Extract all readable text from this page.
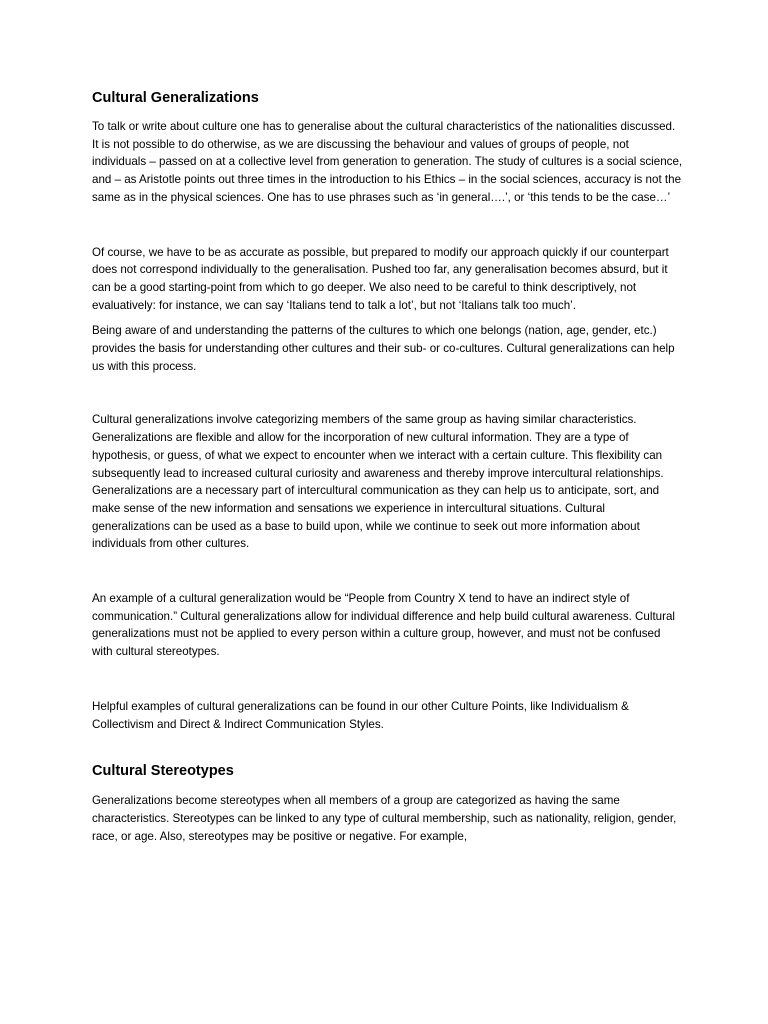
Cultural Generalizations

To talk or write about culture one has to generalise about the cultural characteristics of the nationalities discussed. It is not possible to do otherwise, as we are discussing the behaviour and values of groups of people, not individuals – passed on at a collective level from generation to generation. The study of cultures is a social science, and – as Aristotle points out three times in the introduction to his Ethics – in the social sciences, accuracy is not the same as in the physical sciences. One has to use phrases such as ‘in general….’, or ‘this tends to be the case…’

Of course, we have to be as accurate as possible, but prepared to modify our approach quickly if our counterpart does not correspond individually to the generalisation. Pushed too far, any generalisation becomes absurd, but it can be a good starting-point from which to go deeper. We also need to be careful to think descriptively, not evaluatively: for instance, we can say ‘Italians tend to talk a lot’, but not ‘Italians talk too much’.

Being aware of and understanding the patterns of the cultures to which one belongs (nation, age, gender, etc.) provides the basis for understanding other cultures and their sub- or co-cultures. Cultural generalizations can help us with this process.

Cultural generalizations involve categorizing members of the same group as having similar characteristics. Generalizations are flexible and allow for the incorporation of new cultural information. They are a type of hypothesis, or guess, of what we expect to encounter when we interact with a certain culture. This flexibility can subsequently lead to increased cultural curiosity and awareness and thereby improve intercultural relationships. Generalizations are a necessary part of intercultural communication as they can help us to anticipate, sort, and make sense of the new information and sensations we experience in intercultural situations. Cultural generalizations can be used as a base to build upon, while we continue to seek out more information about individuals from other cultures.

An example of a cultural generalization would be “People from Country X tend to have an indirect style of communication.” Cultural generalizations allow for individual difference and help build cultural awareness. Cultural generalizations must not be applied to every person within a culture group, however, and must not be confused with cultural stereotypes.

Helpful examples of cultural generalizations can be found in our other Culture Points, like Individualism & Collectivism and Direct & Indirect Communication Styles.

Cultural Stereotypes

Generalizations become stereotypes when all members of a group are categorized as having the same characteristics. Stereotypes can be linked to any type of cultural membership, such as nationality, religion, gender, race, or age. Also, stereotypes may be positive or negative. For example,
